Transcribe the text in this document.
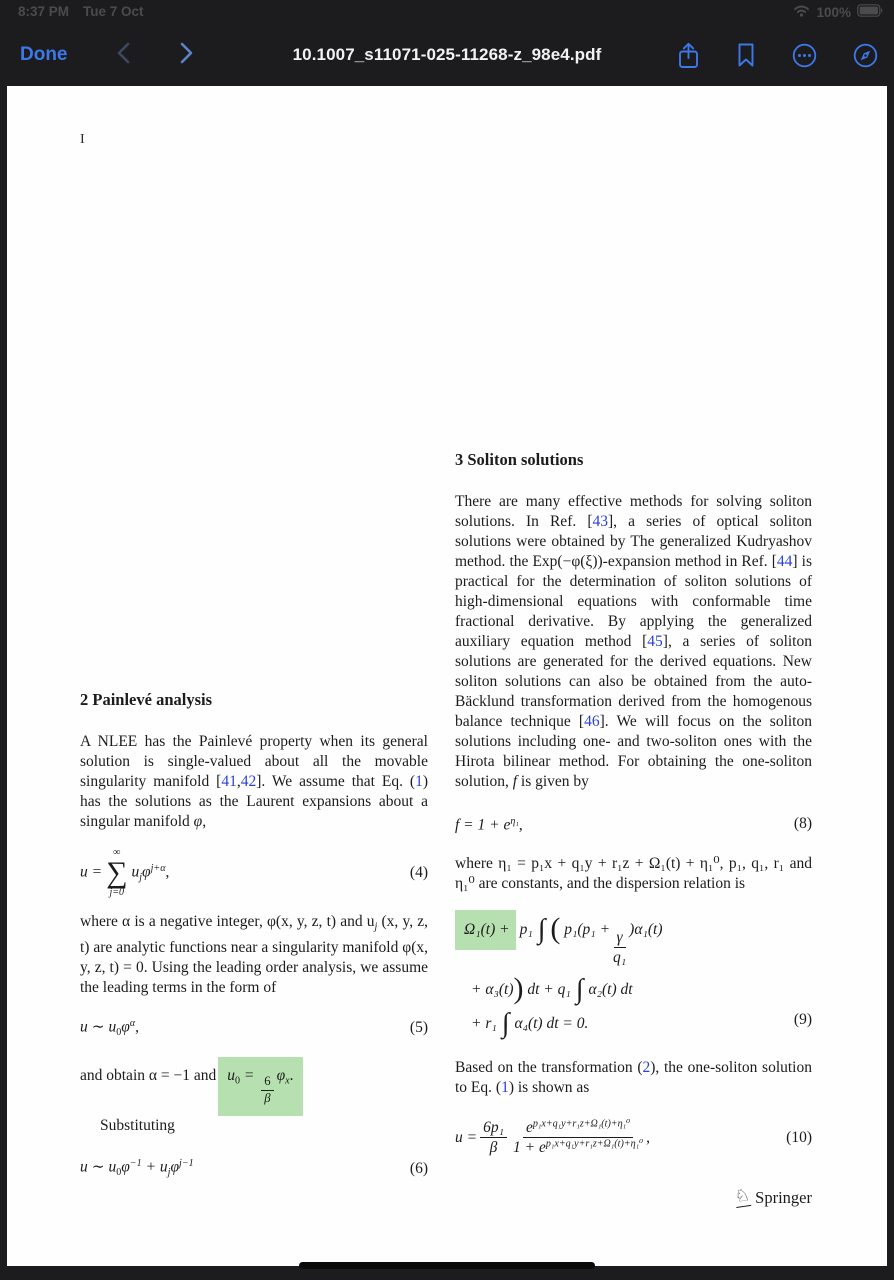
8:37 PM Tue 7 Oct	100%
Done	10.1007_s11071-025-11268-z_98e4.pdf
I
2 Painlevé analysis

A NLEE has the Painlevé property when its general solution is single-valued about all the movable singularity manifold [41,42]. We assume that Eq. (1) has the solutions as the Laurent expansions about a singular manifold φ,

u =
∞
∑
j=0
$u_j\varphi^{j+\alpha}$,	(4)

where α is a negative integer, φ(x, y, z, t) and $u_j$ (x, y, z, t) are analytic functions near a singularity manifold φ(x, y, z, t) = 0. Using the leading order analysis, we assume the leading terms in the form of

u ∼ $u_0\varphi^\alpha$,	(5)

and obtain α = −1 and $u_0 = \frac{6}{\beta} \varphi_x$.
Substituting

u ∼ $u_0\varphi^{-1} + u_j\varphi^{j-1}$	(6)
3 Soliton solutions

There are many effective methods for solving soliton solutions. In Ref. [43], a series of optical soliton solutions were obtained by The generalized Kudryashov method. the Exp(−φ(ξ))-expansion method in Ref. [44] is practical for the determination of soliton solutions of high-dimensional equations with conformable time fractional derivative. By applying the generalized auxiliary equation method [45], a series of soliton solutions are generated for the derived equations. New soliton solutions can also be obtained from the auto-Bäcklund transformation derived from the homogenous balance technique [46]. We will focus on the soliton solutions including one- and two-soliton ones with the Hirota bilinear method. For obtaining the one-soliton solution, f is given by

$f = 1 + e^{\eta_1}$,	(8)

where η₁ = p₁x + q₁y + r₁z + Ω₁(t) + η₁⁰, p₁, q₁, r₁ and η₁⁰ are constants, and the dispersion relation is

Ω₁(t) + p₁ ∫ ( $p_1(p_1 + \frac{\gamma}{\text{q₁}} )\alpha_1(t)$
+ α₃(t)) dt + q₁ ∫ α₂(t) dt
+ r₁ ∫ α₄(t) dt = 0.	(9)

Based on the transformation (2), the one-soliton solution to Eq. (1) is shown as

$u = \frac{\text{6p₁}}{\beta} \frac{e^{p_1x+q_1y+r_1z+\Omega_1(t)+\eta_1^0}}{1 + e^{p_1x+q_1y+r_1z+\Omega_1(t)+\eta_1^0}}$ ,	(10)
♘ Springer
